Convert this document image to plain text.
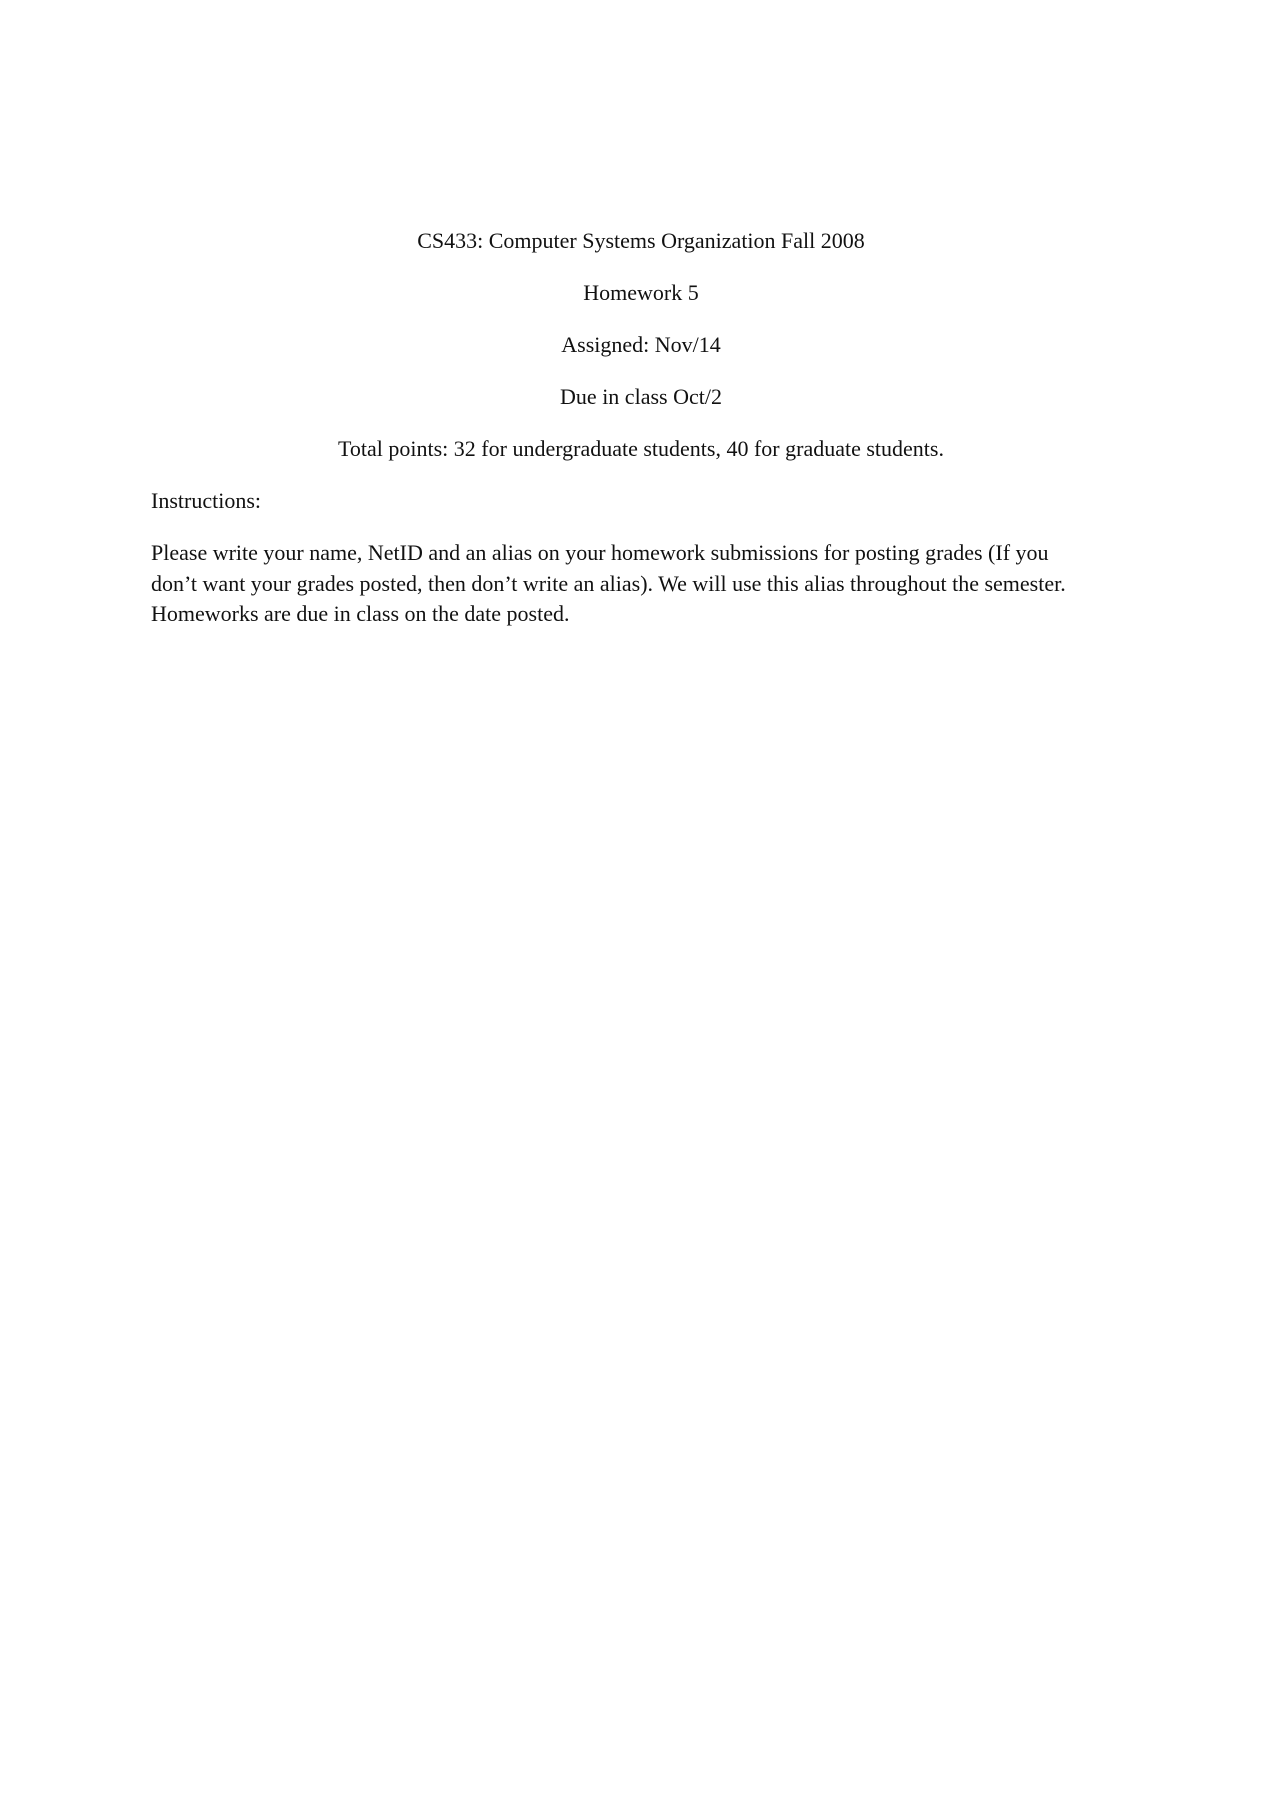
CS433: Computer Systems Organization Fall 2008

Homework 5

Assigned: Nov/14

Due in class Oct/2

Total points: 32 for undergraduate students, 40 for graduate students.

Instructions:

Please write your name, NetID and an alias on your homework submissions for posting grades (If you
don’t want your grades posted, then don’t write an alias). We will use this alias throughout the semester.
Homeworks are due in class on the date posted.
